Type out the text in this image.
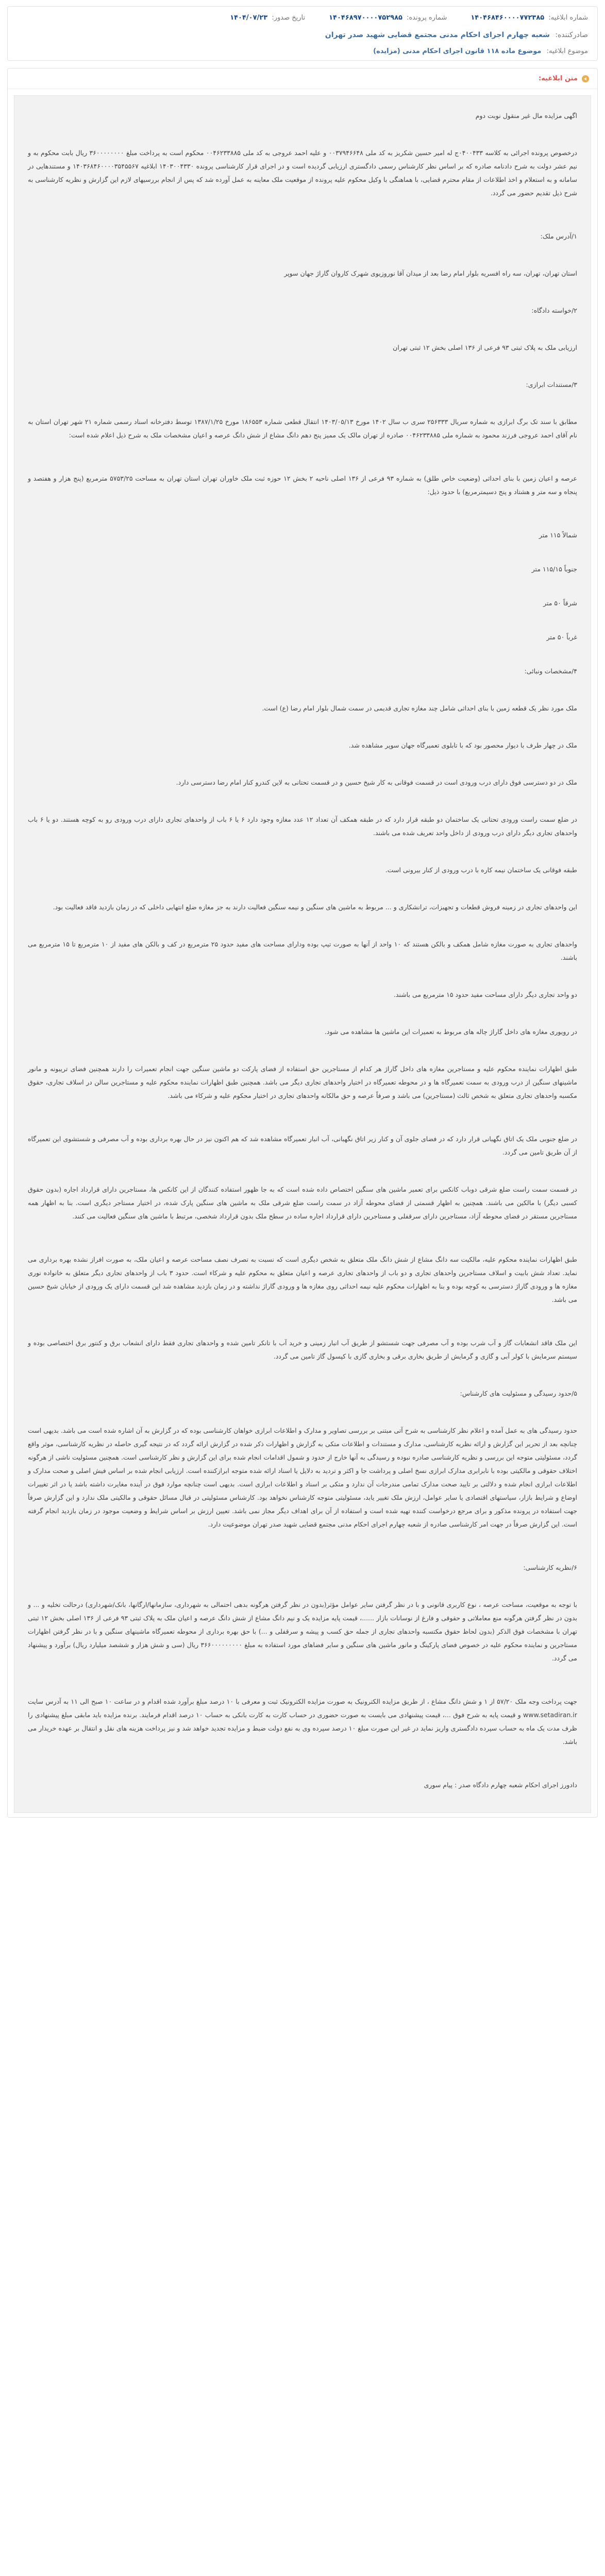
شماره ابلاغیه: ۱۴۰۴۶۸۴۶۰۰۰۰۷۷۲۳۸۵
شماره پرونده: ۱۴۰۴۶۸۹۷۰۰۰۰۷۵۲۹۸۵
تاریخ صدور: ۱۴۰۴/۰۷/۲۳
صادرکننده: شعبه چهارم اجرای احکام مدنی مجتمع قضایی شهید صدر تهران
موضوع ابلاغیه: موضوع ماده ۱۱۸ قانون اجرای احکام مدنی (مزایده)
متن ابلاغیه:

اگهی مزایده مال غیر منقول نوبت دوم

درخصوص پرونده اجرائی به کلاسه ۰۴۰۰۴۳۳ج له امیر حسین شکریز به کد ملی ۰۰۳۷۹۴۶۶۴۸ و علیه احمد عروجی به کد ملی ۰۰۴۶۲۳۳۸۸۵ محکوم است به پرداخت مبلغ ۳۶۰۰۰۰۰۰۰۰ ریال بابت محکوم به و نیم عشر دولت به شرح دادنامه صادره که بر اساس نظر کارشناس رسمی دادگستری ارزیابی گردیده است و در اجرای قرار کارشناسی پرونده ۱۴۰۳۰۰۴۳۳۰ ابلاغیه ۱۴۰۳۶۸۴۶۰۰۰۰۳۵۴۵۵۶۷ و مستندهایی در سامانه و به استعلام و اخذ اطلاعات از مقام محترم قضایی، با هماهنگی با وکیل محکوم علیه پرونده از موقعیت ملک معاینه به عمل آورده شد که پس از انجام بررسیهای لازم این گزارش و نظریه کارشناسی به شرح ذیل تقدیم حضور می گردد.

۱/آدرس ملک:

استان تهران، تهران، سه راه افسریه بلوار امام رضا بعد از میدان آقا نوروزیوی شهرک کاروان گاراژ جهان سوپر

۲/خواسته دادگاه:

ارزیابی ملک به پلاک ثبتی ۹۳ فرعی از ۱۳۶ اصلی بخش ۱۲ ثبتی تهران

۳/مستندات ابرازی:

مطابق با سند تک برگ ابرازی به شماره سریال ۲۵۶۳۳۳ سری ب سال ۱۴۰۲ مورخ ۱۴۰۳/۰۵/۱۳ انتقال قطعی شماره ۱۸۶۵۵۳ مورخ ۱۳۸۷/۱/۲۵ توسط دفترخانه اسناد رسمی شماره ۲۱ شهر تهران استان به نام آقای احمد عروجی فرزند محمود به شماره ملی ۰۰۴۶۲۳۳۸۸۵ صادره از تهران مالک یک ممیز پنج دهم دانگ مشاع از شش دانگ عرصه و اعیان مشخصات ملک به شرح ذیل اعلام شده است:

عرصه و اعیان زمین با بنای احداثی (وضعیت خاص طلق) به شماره ۹۳ فرعی از ۱۳۶ اصلی ناحیه ۲ بخش ۱۲ حوزه ثبت ملک خاوران تهران استان تهران به مساحت ۵۷۵۳/۲۵ مترمربع (پنج هزار و هفتصد و پنجاه و سه متر و هشتاد و پنج دسیمترمربع) با حدود ذیل:

شمالاً ۱۱۵ متر

جنوباً ۱۱۵/۱۵ متر

شرقاً ۵۰ متر

غرباً ۵۰ متر

۴/مشخصات ونبائی:

ملک مورد نظر یک قطعه زمین با بنای احداثی شامل چند مغازه تجاری قدیمی در سمت شمال بلوار امام رضا (ع) است.

ملک در چهار طرف با دیوار محصور بود که با تابلوی تعمیرگاه جهان سوپر مشاهده شد.

ملک در دو دسترسی فوق دارای درب ورودی است در قسمت فوقانی به کار شیخ حسین و در قسمت تحتانی به لاین کندرو کنار امام رضا دسترسی دارد.

در ضلع سمت راست ورودی تحتانی یک ساختمان دو طبقه قرار دارد که در طبقه همکف آن تعداد ۱۲ عدد مغازه وجود دارد ۶ یا ۶ باب از واحدهای تجاری دارای درب ورودی رو به کوچه هستند. دو یا ۶ باب واحدهای تجاری دیگر دارای درب ورودی از داخل واحد تعریف شده می باشند.

طبقه فوقانی یک ساختمان نیمه کاره با درب ورودی از کنار بیرونی است.

این واحدهای تجاری در زمینه فروش قطعات و تجهیزات، ترانشکاری و ... مربوط به ماشین های سنگین و نیمه سنگین فعالیت دارند به جز مغازه ضلع انتهایی داخلی که در زمان بازدید فاقد فعالیت بود.

واحدهای تجاری به صورت مغازه شامل همکف و بالکن هستند که ۱۰ واحد از آنها به صورت تیپ بوده ودارای مساحت های مفید حدود ۲۵ مترمربع در کف و بالکن های مفید از ۱۰ مترمربع تا ۱۵ مترمربع می باشند.

دو واحد تجاری دیگر دارای مساحت مفید حدود ۱۵ مترمربع می باشند.

در رویوری مغازه های داخل گاراژ چاله های مربوط به تعمیرات این ماشین ها مشاهده می شود.

طبق اظهارات نماینده محکوم علیه و مستاجرین مغازه های داخل گاراژ هر کدام از مستاجرین حق استفاده از فضای پارکت دو ماشین سنگین جهت انجام تعمیرات را دارند همچنین فضای تریبونه و مانور ماشینهای سنگین از درب ورودی به سمت تعمیرگاه ها و در محوطه تعمیرگاه در اختیار واحدهای تجاری دیگر می باشد. همچنین طبق اظهارات نماینده محکوم علیه و مستاجرین سالن در اسلاف تجاری، حقوق مکسبه واحدهای تجاری متعلق به شخص ثالث (مستاجرین) می باشد و صرفاً عرصه و حق مالکانه واحدهای تجاری در اختیار محکوم علیه و شرکاء می باشد.

در ضلع جنوبی ملک یک اتاق نگهبانی قرار دارد که در فضای جلوی آن و کنار زیر اتاق نگهبانی، آب انبار تعمیرگاه مشاهده شد که هم اکنون نیز در حال بهره برداری بوده و آب مصرفی و شستشوی این تعمیرگاه از آن طریق تامین می گردد.

در قسمت سمت راست ضلع شرقی دوباب کانکس برای تعمیر ماشین های سنگین اختصاص داده شده است که به جا ظهور استفاده کنندگان از این کانکس ها، مستاجرین دارای قرارداد اجاره (بدون حقوق کسبی دیگر) با مالکین می باشند. همچنین به اظهار قسمتی از فضای محوطه آزاد در سمت راست ضلع شرقی ملک به ماشین های سنگین پارک شده، در اختیار مستاجر دیگری است. بنا به اظهار همه مستاجرین مستقر در فضای محوطه آزاد، مستاجرین دارای سرقفلی و مستاجرین دارای قرارداد اجاره ساده در سطح ملک بدون قرارداد شخصی، مرتبط با ماشین های سنگین فعالیت می کنند.

طبق اظهارات نماینده محکوم علیه، مالکیت سه دانگ مشاع از شش دانگ ملک متعلق به شخص دیگری است که نسبت به تصرف نصف مساحت عرصه و اعیان ملک، به صورت افراز نشده بهره برداری می نماید. تعداد شش بابیت و اسلاف مستاجرین واحدهای تجاری و دو باب از واحدهای تجاری عرصه و اعیان متعلق به محکوم علیه و شرکاء است. حدود ۳ باب از واحدهای تجاری دیگر متعلق به خانواده نوری مغازه ها و ورودی گاراژ دسترسی به کوچه بوده و بنا به اظهارات محکوم علیه نیمه احداثی روی مغازه ها و ورودی گاراژ نداشته و در زمان بازدید مشاهده شد این قسمت دارای یک ورودی از خیابان شیخ حسین می باشد.

این ملک فاقد انشعابات گاز و آب شرب بوده و آب مصرفی جهت شستشو از طریق آب انبار زمینی و خرید آب با تانکر تامین شده و واحدهای تجاری فقط دارای انشعاب برق و کنتور برق اختصاصی بوده و سیستم سرمایش با کولر آبی و گازی و گرمایش از طریق بخاری برقی و بخاری گازی با کپسول گاز تامین می گردد.

۵/حدود رسیدگی و مسئولیت های کارشناس:

حدود رسیدگی های به عمل آمده و اعلام نظر کارشناسی به شرح آتی مبتنی بر بررسی تصاویر و مدارک و اطلاعات ابرازی خواهان کارشناسی بوده که در گزارش به آن اشاره شده است می باشد. بدیهی است چنانچه بعد از تحریر این گزارش و ارائه نظریه کارشناسی، مدارک و مستندات و اطلاعات متکی به گزارش و اظهارات ذکر شده در گزارش ارائه گردد که در نتیجه گیری حاصله در نظریه کارشناسی، موثر واقع گردد، مسئولیتی متوجه این بررسی و نظریه کارشناسی صادره نبوده و رسیدگی به آنها خارج از حدود و شمول اقدامات انجام شده برای این گزارش و نظر کارشناسی است. همچنین مسئولیت ناشی از هرگونه اختلاف حقوقی و مالکیتی بوده با نابرابری مدارک ابرازی نسخ اصلی و پرداشت جا و اکثر و تردید به دلایل یا اسناد ارائه شده متوجه ابرازکننده است. ارزیابی انجام شده بر اساس فیش اصلی و صحت مدارک و اطلاعات ابرازی انجام شده و دلالتی بر تایید صحت مدارک تمامی مندرجات آن ندارد و متکی بر اسناد و اطلاعات ابرازی است. بدیهی است چنانچه موارد فوق در آینده مغایرت داشته باشد یا در اثر تغییرات اوضاع و شرایط بازار، سیاستهای اقتصادی یا سایر عوامل، ارزش ملک تغییر یابد، مسئولیتی متوجه کارشناس نخواهد بود. کارشناس مسئولیتی در قبال مسائل حقوقی و مالکیتی ملک ندارد و این گزارش صرفاً جهت استفاده در پرونده مذکور و برای مرجع درخواست کننده تهیه شده است و استفاده از آن برای اهداف دیگر مجاز نمی باشد. تعیین ارزش بر اساس شرایط و وضعیت موجود در زمان بازدید انجام گرفته است. این گزارش صرفاً در جهت امر کارشناسی صادره از شعبه چهارم اجرای احکام مدنی مجتمع قضایی شهید صدر تهران موضوعیت دارد.

۶/نظریه کارشناسی:

با توجه به موقعیت، مساحت عرصه ، نوع کاربری قانونی و با در نظر گرفتن سایر عوامل مؤثر(بدون در نظر گرفتن هرگونه بدهی احتمالی به شهرداری، سازمانها/ارگانها، بانک/شهرداری) درحالت تخلیه و ... و بدون در نظر گرفتن هرگونه منع معاملاتی و حقوقی و فارغ از نوسانات بازار ......، قیمت پایه مزایده یک و نیم دانگ مشاع از شش دانگ عرصه و اعیان ملک به پلاک ثبتی ۹۳ فرعی از ۱۳۶ اصلی بخش ۱۲ ثبتی تهران با مشخصات فوق الذکر (بدون لحاظ حقوق مکتسبه واحدهای تجاری از جمله حق کسب و پیشه و سرقفلی و ...) با حق بهره برداری از محوطه تعمیرگاه ماشینهای سنگین و با در نظر گرفتن اظهارات مستاجرین و نماینده محکوم علیه در خصوص فضای پارکینگ و مانور ماشین های سنگین و سایر فضاهای مورد استفاده به مبلغ ۳۶۶۰۰۰۰۰۰۰۰۰ ریال (سی و شش هزار و ششصد میلیارد ریال) برآورد و پیشنهاد می گردد.

جهت پرداخت وجه ملک ۵۷/۲۰ از ۱ و شش دانگ مشاع ، از طریق مزایده الکترونیک به صورت مزایده الکترونیک ثبت و معرفی با ۱۰ درصد مبلغ برآورد شده اقدام و در ساعت ۱۰ صبح الی ۱۱ به آدرس سایت www.setadiran.ir و قیمت پایه به شرح فوق ...، قیمت پیشنهادی می بایست به صورت حضوری در حساب کارت به کارت بانکی به حساب ۱۰ درصد اقدام فرمایند. برنده مزایده باید مابقی مبلغ پیشنهادی را ظرف مدت یک ماه به حساب سپرده دادگستری واریز نماید در غیر این صورت مبلغ ۱۰ درصد سپرده وی به نفع دولت ضبط و مزایده تجدید خواهد شد و نیز پرداخت هزینه های نقل و انتقال بر عهده خریدار می باشد.

دادورز اجرای احکام شعبه چهارم دادگاه صدر : پیام سوری
